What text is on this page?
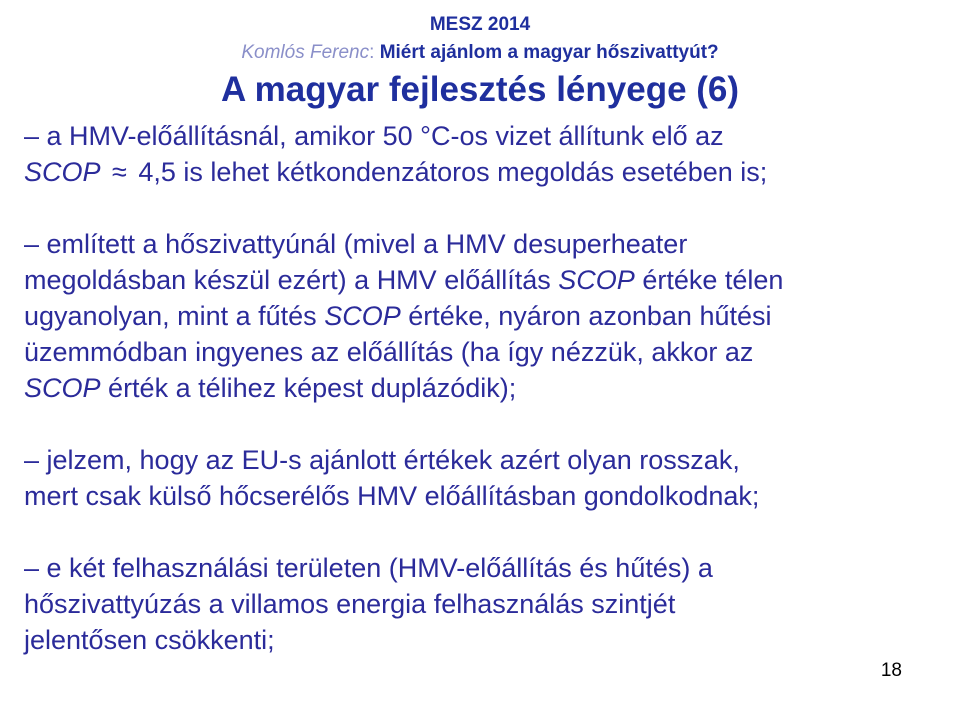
MESZ 2014
Komlós Ferenc: Miért ajánlom a magyar hőszivattyút?
A magyar fejlesztés lényege (6)
– a HMV-előállításnál, amikor 50 °C-os vizet állítunk elő az
SCOP ≈ 4,5 is lehet kétkondenzátoros megoldás esetében is;
– említett a hőszivattyúnál (mivel a HMV desuperheater
megoldásban készül ezért) a HMV előállítás SCOP értéke télen
ugyanolyan, mint a fűtés SCOP értéke, nyáron azonban hűtési
üzemmódban ingyenes az előállítás (ha így nézzük, akkor az
SCOP érték a télihez képest duplázódik);
– jelzem, hogy az EU-s ajánlott értékek azért olyan rosszak,
mert csak külső hőcserélős HMV előállításban gondolkodnak;
– e két felhasználási területen (HMV-előállítás és hűtés) a
hőszivattyúzás a villamos energia felhasználás szintjét
jelentősen csökkenti;
18
